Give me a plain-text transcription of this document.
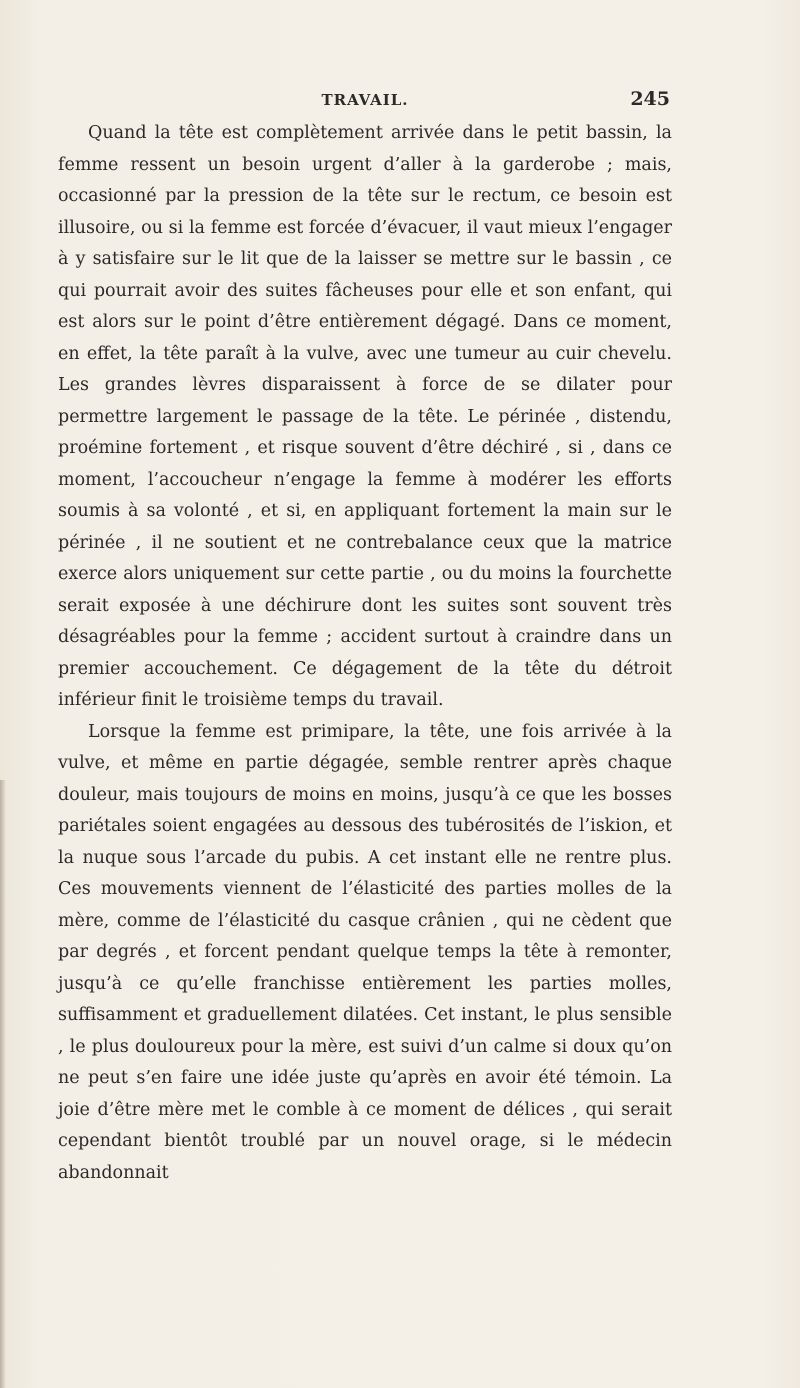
TRAVAIL.	245

Quand la tête est complètement arrivée dans le petit bassin, la femme ressent un besoin urgent d’aller à la garderobe ; mais, occasionné par la pression de la tête sur le rectum, ce besoin est illusoire, ou si la femme est forcée d’évacuer, il vaut mieux l’engager à y satisfaire sur le lit que de la laisser se mettre sur le bassin , ce qui pourrait avoir des suites fâcheuses pour elle et son enfant, qui est alors sur le point d’être entièrement dégagé. Dans ce moment, en effet, la tête paraît à la vulve, avec une tumeur au cuir chevelu. Les grandes lèvres disparaissent à force de se dilater pour permettre largement le passage de la tête. Le périnée , distendu, proémine fortement , et risque souvent d’être déchiré , si , dans ce moment, l’accoucheur n’engage la femme à modérer les efforts soumis à sa volonté , et si, en appliquant fortement la main sur le périnée , il ne soutient et ne contrebalance ceux que la matrice exerce alors uniquement sur cette partie , ou du moins la fourchette serait exposée à une déchirure dont les suites sont souvent très désagréables pour la femme ; accident surtout à craindre dans un premier accouchement. Ce dégagement de la tête du détroit inférieur finit le troisième temps du travail.

Lorsque la femme est primipare, la tête, une fois arrivée à la vulve, et même en partie dégagée, semble rentrer après chaque douleur, mais toujours de moins en moins, jusqu’à ce que les bosses pariétales soient engagées au dessous des tubérosités de l’iskion, et la nuque sous l’arcade du pubis. A cet instant elle ne rentre plus. Ces mouvements viennent de l’élasticité des parties molles de la mère, comme de l’élasticité du casque crânien , qui ne cèdent que par degrés , et forcent pendant quelque temps la tête à remonter, jusqu’à ce qu’elle franchisse entièrement les parties molles, suffisamment et graduellement dilatées. Cet instant, le plus sensible , le plus douloureux pour la mère, est suivi d’un calme si doux qu’on ne peut s’en faire une idée juste qu’après en avoir été témoin. La joie d’être mère met le comble à ce moment de délices , qui serait cependant bientôt troublé par un nouvel orage, si le médecin abandonnait
